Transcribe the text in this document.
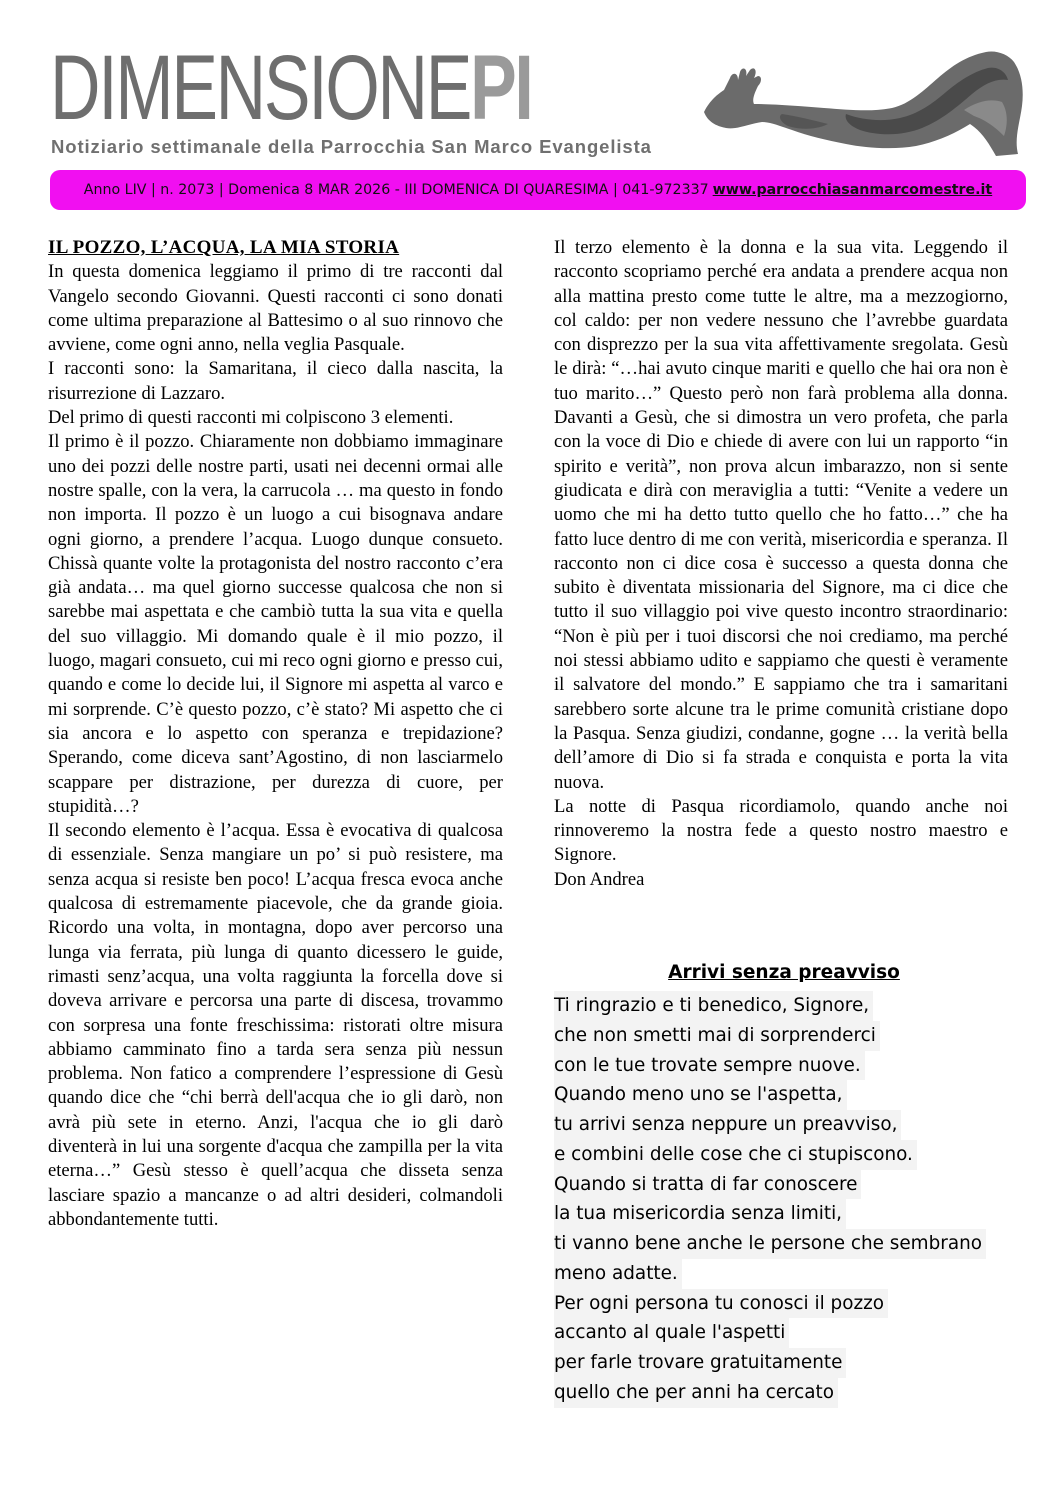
DIMENSIONEPI
Notiziario settimanale della Parrocchia San Marco Evangelista
Anno LIV | n. 2073 | Domenica 8 MAR 2026 - III DOMENICA DI QUARESIMA | 041-972337 www.parrocchiasanmarcomestre.it

IL POZZO, L’ACQUA, LA MIA STORIA

In questa domenica leggiamo il primo di tre racconti dal Vangelo secondo Giovanni. Questi racconti ci sono donati come ultima preparazione al Battesimo o al suo rinnovo che avviene, come ogni anno, nella veglia Pasquale.

I racconti sono: la Samaritana, il cieco dalla nascita, la risurrezione di Lazzaro.

Del primo di questi racconti mi colpiscono 3 elementi.

Il primo è il pozzo. Chiaramente non dobbiamo immaginare uno dei pozzi delle nostre parti, usati nei decenni ormai alle nostre spalle, con la vera, la carrucola … ma questo in fondo non importa. Il pozzo è un luogo a cui bisognava andare ogni giorno, a prendere l’acqua. Luogo dunque consueto. Chissà quante volte la protagonista del nostro racconto c’era già andata… ma quel giorno successe qualcosa che non si sarebbe mai aspettata e che cambiò tutta la sua vita e quella del suo villaggio. Mi domando quale è il mio pozzo, il luogo, magari consueto, cui mi reco ogni giorno e presso cui, quando e come lo decide lui, il Signore mi aspetta al varco e mi sorprende. C’è questo pozzo, c’è stato? Mi aspetto che ci sia ancora e lo aspetto con speranza e trepidazione? Sperando, come diceva sant’Agostino, di non lasciarmelo scappare per distrazione, per durezza di cuore, per stupidità…?

Il secondo elemento è l’acqua. Essa è evocativa di qualcosa di essenziale. Senza mangiare un po’ si può resistere, ma senza acqua si resiste ben poco! L’acqua fresca evoca anche qualcosa di estremamente piacevole, che da grande gioia. Ricordo una volta, in montagna, dopo aver percorso una lunga via ferrata, più lunga di quanto dicessero le guide, rimasti senz’acqua, una volta raggiunta la forcella dove si doveva arrivare e percorsa una parte di discesa, trovammo con sorpresa una fonte freschissima: ristorati oltre misura abbiamo camminato fino a tarda sera senza più nessun problema. Non fatico a comprendere l’espressione di Gesù quando dice che “chi berrà dell'acqua che io gli darò, non avrà più sete in eterno. Anzi, l'acqua che io gli darò diventerà in lui una sorgente d'acqua che zampilla per la vita eterna…” Gesù stesso è quell’acqua che disseta senza lasciare spazio a mancanze o ad altri desideri, colmandoli abbondantemente tutti.

Il terzo elemento è la donna e la sua vita. Leggendo il racconto scopriamo perché era andata a prendere acqua non alla mattina presto come tutte le altre, ma a mezzogiorno, col caldo: per non vedere nessuno che l’avrebbe guardata con disprezzo per la sua vita affettivamente sregolata. Gesù le dirà: “…hai avuto cinque mariti e quello che hai ora non è tuo marito…” Questo però non farà problema alla donna. Davanti a Gesù, che si dimostra un vero profeta, che parla con la voce di Dio e chiede di avere con lui un rapporto “in spirito e verità”, non prova alcun imbarazzo, non si sente giudicata e dirà con meraviglia a tutti: “Venite a vedere un uomo che mi ha detto tutto quello che ho fatto…” che ha fatto luce dentro di me con verità, misericordia e speranza. Il racconto non ci dice cosa è successo a questa donna che subito è diventata missionaria del Signore, ma ci dice che tutto il suo villaggio poi vive questo incontro straordinario: “Non è più per i tuoi discorsi che noi crediamo, ma perché noi stessi abbiamo udito e sappiamo che questi è veramente il salvatore del mondo.” E sappiamo che tra i samaritani sarebbero sorte alcune tra le prime comunità cristiane dopo la Pasqua. Senza giudizi, condanne, gogne … la verità bella dell’amore di Dio si fa strada e conquista e porta la vita nuova.

La notte di Pasqua ricordiamolo, quando anche noi rinnoveremo la nostra fede a questo nostro maestro e Signore.

Don Andrea

Arrivi senza preavviso
Ti ringrazio e ti benedico, Signore,
che non smetti mai di sorprenderci
con le tue trovate sempre nuove.
Quando meno uno se l'aspetta,
tu arrivi senza neppure un preavviso,
e combini delle cose che ci stupiscono.
Quando si tratta di far conoscere
la tua misericordia senza limiti,
ti vanno bene anche le persone che sembrano
meno adatte.
Per ogni persona tu conosci il pozzo
accanto al quale l'aspetti
per farle trovare gratuitamente
quello che per anni ha cercato
